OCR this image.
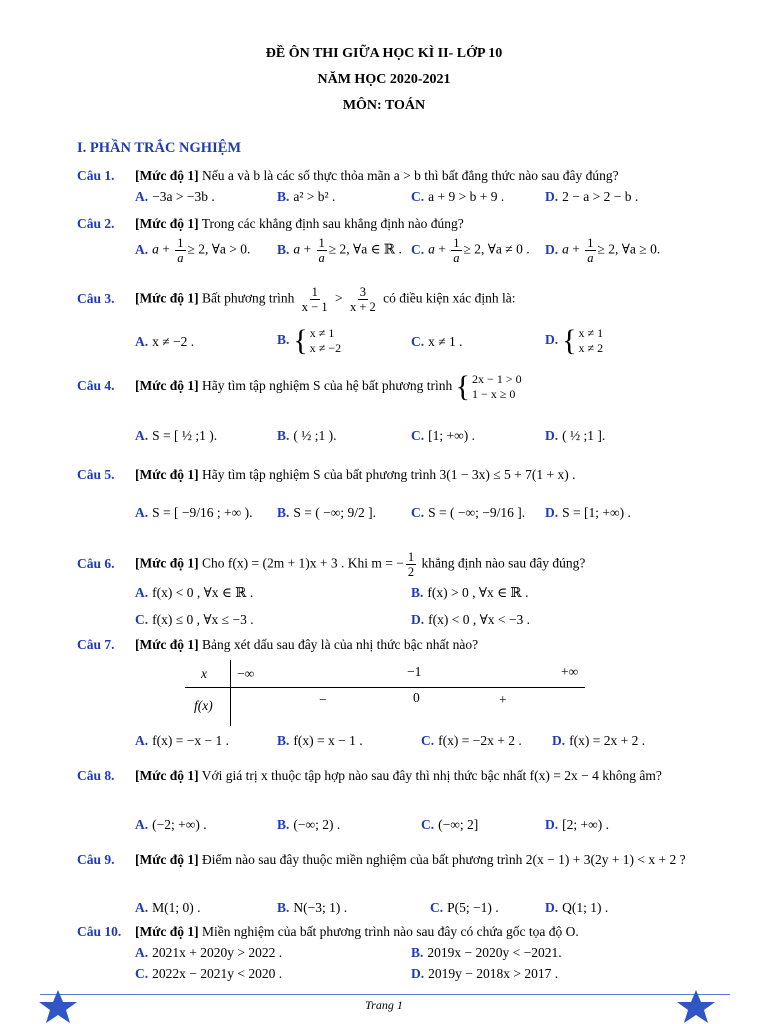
ĐỀ ÔN THI GIỮA HỌC KÌ II- LỚP 10
NĂM HỌC 2020-2021
MÔN: TOÁN
I. PHẦN TRẮC NGHIỆM
Câu 1. [Mức độ 1] Nếu a và b là các số thực thỏa mãn a > b thì bất đẳng thức nào sau đây đúng?
A. −3a > −3b .	B. a² > b² .	C. a + 9 > b + 9 .	D. 2 − a > 2 − b .
Câu 2. [Mức độ 1] Trong các khẳng định sau khẳng định nào đúng?
A. $a + \frac{1}{a} \ge 2$, ∀a > 0. B. $a + \frac{1}{a} \ge 2$, ∀a ∈ ℝ . C. $a + \frac{1}{a} \ge 2$, ∀a ≠ 0 . D. $a + \frac{1}{a} \ge 2$, ∀a ≥ 0.
Câu 3. [Mức độ 1] Bất phương trình $\frac{1}{x - 1} > \frac{3}{x + 2}$ có điều kiện xác định là:
A. x ≠ −2 .	B. { x ≠ 1
x ≠ −2	C. x ≠ 1 .	D. { x ≠ 1
x ≠ 2
Câu 4. [Mức độ 1] Hãy tìm tập nghiệm S của hệ bất phương trình { 2x − 1 > 0
1 − x ≥ 0
A. S = [ ½ ;1 ).	B. ( ½ ;1 ).	C. [1; +∞) .	D. ( ½ ;1 ].
Câu 5. [Mức độ 1] Hãy tìm tập nghiệm S của bất phương trình 3(1 − 3x) ≤ 5 + 7(1 + x) .
A. S = [ −9/16 ; +∞ ). B. S = ( −∞; 9/2 ].	C. S = ( −∞; −9/16 ]. D. S = [1; +∞) .
Câu 6. [Mức độ 1] Cho f(x) = (2m + 1)x + 3 . Khi m = − $\frac{1}{2}$ khẳng định nào sau đây đúng?
A. f(x) < 0 , ∀x ∈ ℝ .	B. f(x) > 0 , ∀x ∈ ℝ .
C. f(x) ≤ 0 , ∀x ≤ −3 .	D. f(x) < 0 , ∀x < −3 .
Câu 7. [Mức độ 1] Bảng xét dấu sau đây là của nhị thức bậc nhất nào?
x −∞	−1	+∞
f(x)	−	0	+
A. f(x) = −x − 1 .	B. f(x) = x − 1 .	C. f(x) = −2x + 2 . D. f(x) = 2x + 2 .
Câu 8. [Mức độ 1] Với giá trị x thuộc tập hợp nào sau đây thì nhị thức bậc nhất f(x) = 2x − 4 không âm?
A. (−2; +∞) .	B. (−∞; 2) .	C. (−∞; 2]	D. [2; +∞) .
Câu 9. [Mức độ 1] Điểm nào sau đây thuộc miền nghiệm của bất phương trình 2(x − 1) + 3(2y + 1) < x + 2 ?
A. M(1; 0) .	B. N(−3; 1) .	C. P(5; −1) .	D. Q(1; 1) .
Câu 10. [Mức độ 1] Miền nghiệm của bất phương trình nào sau đây có chứa gốc tọa độ O.
A. 2021x + 2020y > 2022 .	B. 2019x − 2020y < −2021.
C. 2022x − 2021y < 2020 .	D. 2019y − 2018x > 2017 .
Trang 1
